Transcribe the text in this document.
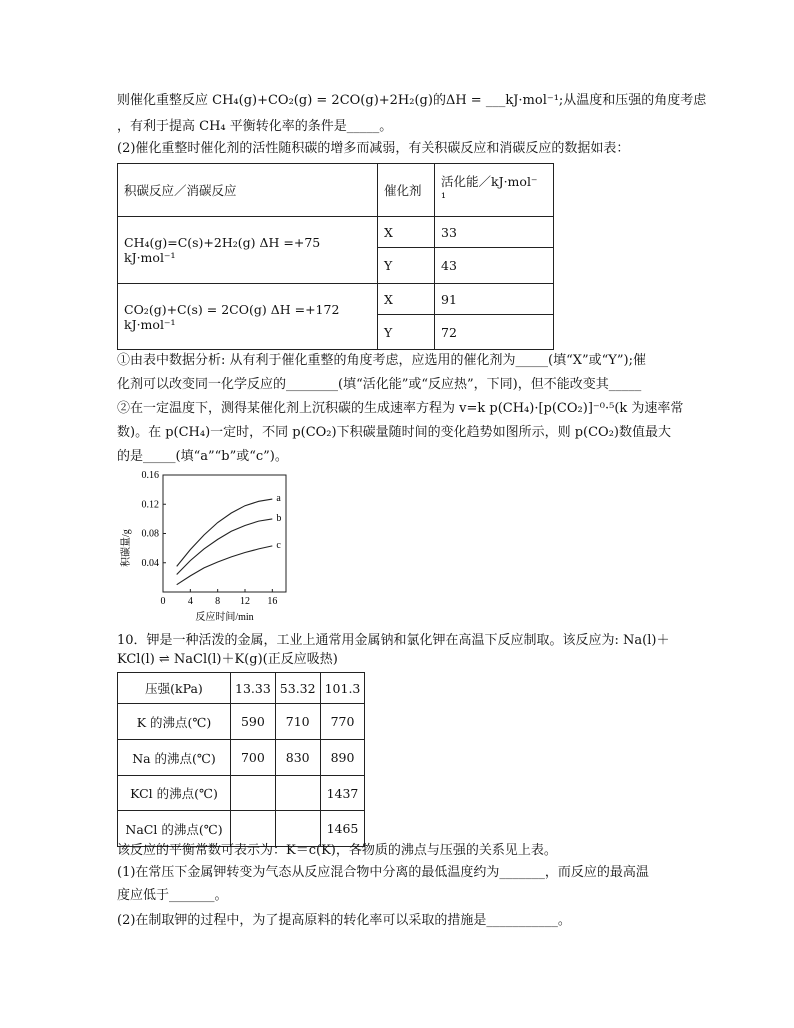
则催化重整反应 CH₄(g)+CO₂(g) = 2CO(g)+2H₂(g)的ΔH = ___kJ·mol⁻¹;从温度和压强的角度考虑
，有利于提高 CH₄ 平衡转化率的条件是_____。
(2)催化重整时催化剂的活性随积碳的增多而减弱，有关积碳反应和消碳反应的数据如表：
积碳反应／消碳反应	催化剂	活化能／kJ·mol⁻
¹

CH₄(g)=C(s)+2H₂(g) ΔH =+75 kJ·mol⁻¹	X	33
	Y	43
CO₂(g)+C(s) = 2CO(g) ΔH =+172 kJ·mol⁻¹	X	91
	Y	72
①由表中数据分析: 从有利于催化重整的角度考虑，应选用的催化剂为_____(填“X”或“Y”);催
化剂可以改变同一化学反应的________(填“活化能”或“反应热”，下同)，但不能改变其_____
②在一定温度下，测得某催化剂上沉积碳的生成速率方程为 v=k p(CH₄)·[p(CO₂)]⁻⁰·⁵(k 为速率常
数)。在 p(CH₄)一定时，不同 p(CO₂)下积碳量随时间的变化趋势如图所示，则 p(CO₂)数值最大
的是_____(填“a”“b”或“c”)。
0 4 8 12 16
0.04
0.08
0.12
0.16
反应时间/min
积碳量/g
a
b
c
10．钾是一种活泼的金属，工业上通常用金属钠和氯化钾在高温下反应制取。该反应为: Na(l)＋
KCl(l) ⇌ NaCl(l)＋K(g)(正反应吸热)
压强(kPa)	13.33	53.32	101.3
K 的沸点(℃)	590	710	770
Na 的沸点(℃)	700	830	890
KCl 的沸点(℃)			1437
NaCl 的沸点(℃)			1465
该反应的平衡常数可表示为：K＝c(K)，各物质的沸点与压强的关系见上表。
(1)在常压下金属钾转变为气态从反应混合物中分离的最低温度约为_______，而反应的最高温
度应低于_______。
(2)在制取钾的过程中，为了提高原料的转化率可以采取的措施是___________。
